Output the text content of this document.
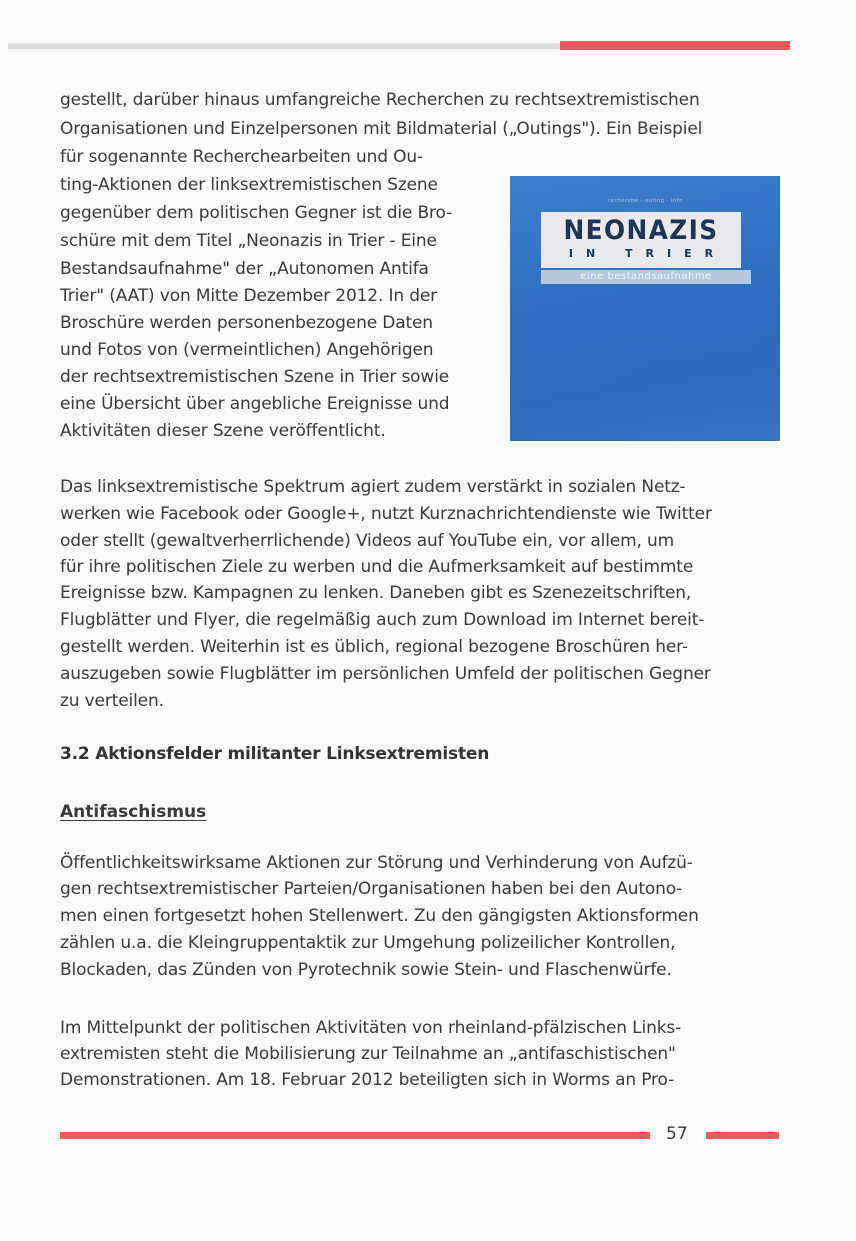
gestellt, darüber hinaus umfangreiche Recherchen zu rechtsextremistischen

Organisationen und Einzelpersonen mit Bildmaterial („Outings"). Ein Beispiel

für sogenannte Recherchearbeiten und Ou-

ting-Aktionen der linksextremistischen Szene

gegenüber dem politischen Gegner ist die Bro-

schüre mit dem Titel „Neonazis in Trier - Eine

Bestandsaufnahme" der „Autonomen Antifa

Trier" (AAT) von Mitte Dezember 2012. In der

Broschüre werden personenbezogene Daten

und Fotos von (vermeintlichen) Angehörigen

der rechtsextremistischen Szene in Trier sowie

eine Übersicht über angebliche Ereignisse und

Aktivitäten dieser Szene veröffentlicht.

recherche · outing · info
NEONAZIS
IN TRIER
eine bestandsaufnahme

Das linksextremistische Spektrum agiert zudem verstärkt in sozialen Netz-

werken wie Facebook oder Google+, nutzt Kurznachrichtendienste wie Twitter

oder stellt (gewaltverherrlichende) Videos auf YouTube ein, vor allem, um

für ihre politischen Ziele zu werben und die Aufmerksamkeit auf bestimmte

Ereignisse bzw. Kampagnen zu lenken. Daneben gibt es Szenezeitschriften,

Flugblätter und Flyer, die regelmäßig auch zum Download im Internet bereit-

gestellt werden. Weiterhin ist es üblich, regional bezogene Broschüren her-

auszugeben sowie Flugblätter im persönlichen Umfeld der politischen Gegner

zu verteilen.

3.2 Aktionsfelder militanter Linksextremisten
Antifaschismus

Öffentlichkeitswirksame Aktionen zur Störung und Verhinderung von Aufzü-

gen rechtsextremistischer Parteien/Organisationen haben bei den Autono-

men einen fortgesetzt hohen Stellenwert. Zu den gängigsten Aktionsformen

zählen u.a. die Kleingruppentaktik zur Umgehung polizeilicher Kontrollen,

Blockaden, das Zünden von Pyrotechnik sowie Stein- und Flaschenwürfe.

Im Mittelpunkt der politischen Aktivitäten von rheinland-pfälzischen Links-

extremisten steht die Mobilisierung zur Teilnahme an „antifaschistischen"

Demonstrationen. Am 18. Februar 2012 beteiligten sich in Worms an Pro-

57
